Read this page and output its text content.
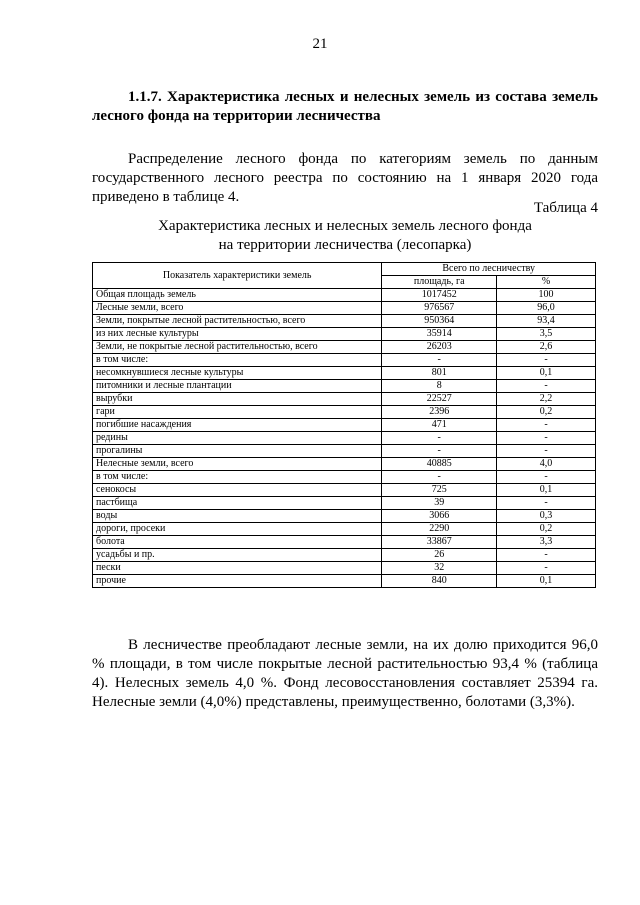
21
1.1.7. Характеристика лесных и нелесных земель из состава земель лесного фонда на территории лесничества
Распределение лесного фонда по категориям земель по данным государственного лесного реестра по состоянию на 1 января 2020 года приведено в таблице 4.
Таблица 4
Характеристика лесных и нелесных земель лесного фонда
на территории лесничества (лесопарка)
Показатель характеристики земель	Всего по лесничеству	
	площадь, га	%
Общая площадь земель	1017452	100
Лесные земли, всего	976567	96,0
Земли, покрытые лесной растительностью, всего	950364	93,4
из них лесные культуры	35914	3,5
Земли, не покрытые лесной растительностью, всего	26203	2,6
в том числе:	-	-
несомкнувшиеся лесные культуры	801	0,1
питомники и лесные плантации	8	-
вырубки	22527	2,2
гари	2396	0,2
погибшие насаждения	471	-
редины	-	-
прогалины	-	-
Нелесные земли, всего	40885	4,0
в том числе:	-	-
сенокосы	725	0,1
пастбища	39	-
воды	3066	0,3
дороги, просеки	2290	0,2
болота	33867	3,3
усадьбы и пр.	26	-
пески	32	-
прочие	840	0,1
В лесничестве преобладают лесные земли, на их долю приходится 96,0 % площади, в том числе покрытые лесной растительностью 93,4 % (таблица 4). Нелесных земель 4,0 %. Фонд лесовосстановления составляет 25394 га. Нелесные земли (4,0%) представлены, преимущественно, болотами (3,3%).
